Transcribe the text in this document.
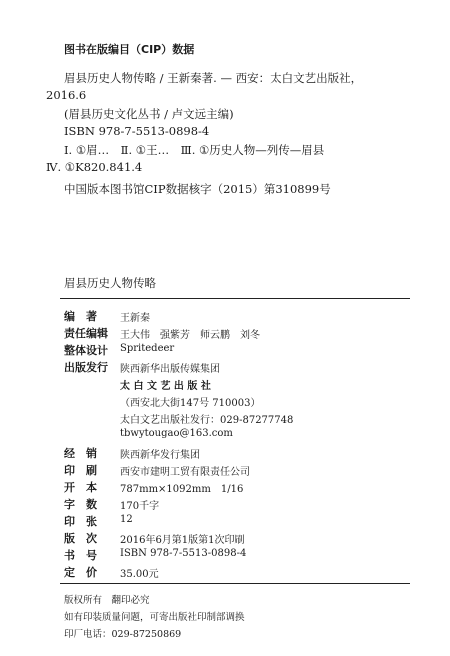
图书在版编目（CIP）数据
眉县历史人物传略 / 王新秦著. — 西安：太白文艺出版社，
2016.6
(眉县历史文化丛书 / 卢文远主编)
ISBN 978-7-5513-0898-4
Ⅰ. ①眉…　Ⅱ. ①王…　Ⅲ. ①历史人物—列传—眉县
Ⅳ. ①K820.841.4
中国版本图书馆CIP数据核字（2015）第310899号
眉县历史人物传略
编　著 王新秦
责任编辑 王大伟　强紫芳　师云鹏　刘冬
整体设计 Spritedeer
出版发行 陕西新华出版传媒集团
太 白 文 艺 出 版 社
（西安北大街147号 710003）
太白文艺出版社发行：029-87277748
tbwytougao@163.com
经　销 陕西新华发行集团
印　刷 西安市建明工贸有限责任公司
开　本 787mm×1092mm　1/16
字　数 170千字
印　张 12
版　次 2016年6月第1版第1次印刷
书　号 ISBN 978-7-5513-0898-4
定　价 35.00元
版权所有　翻印必究
如有印装质量问题，可寄出版社印制部调换
印厂电话：029-87250869
